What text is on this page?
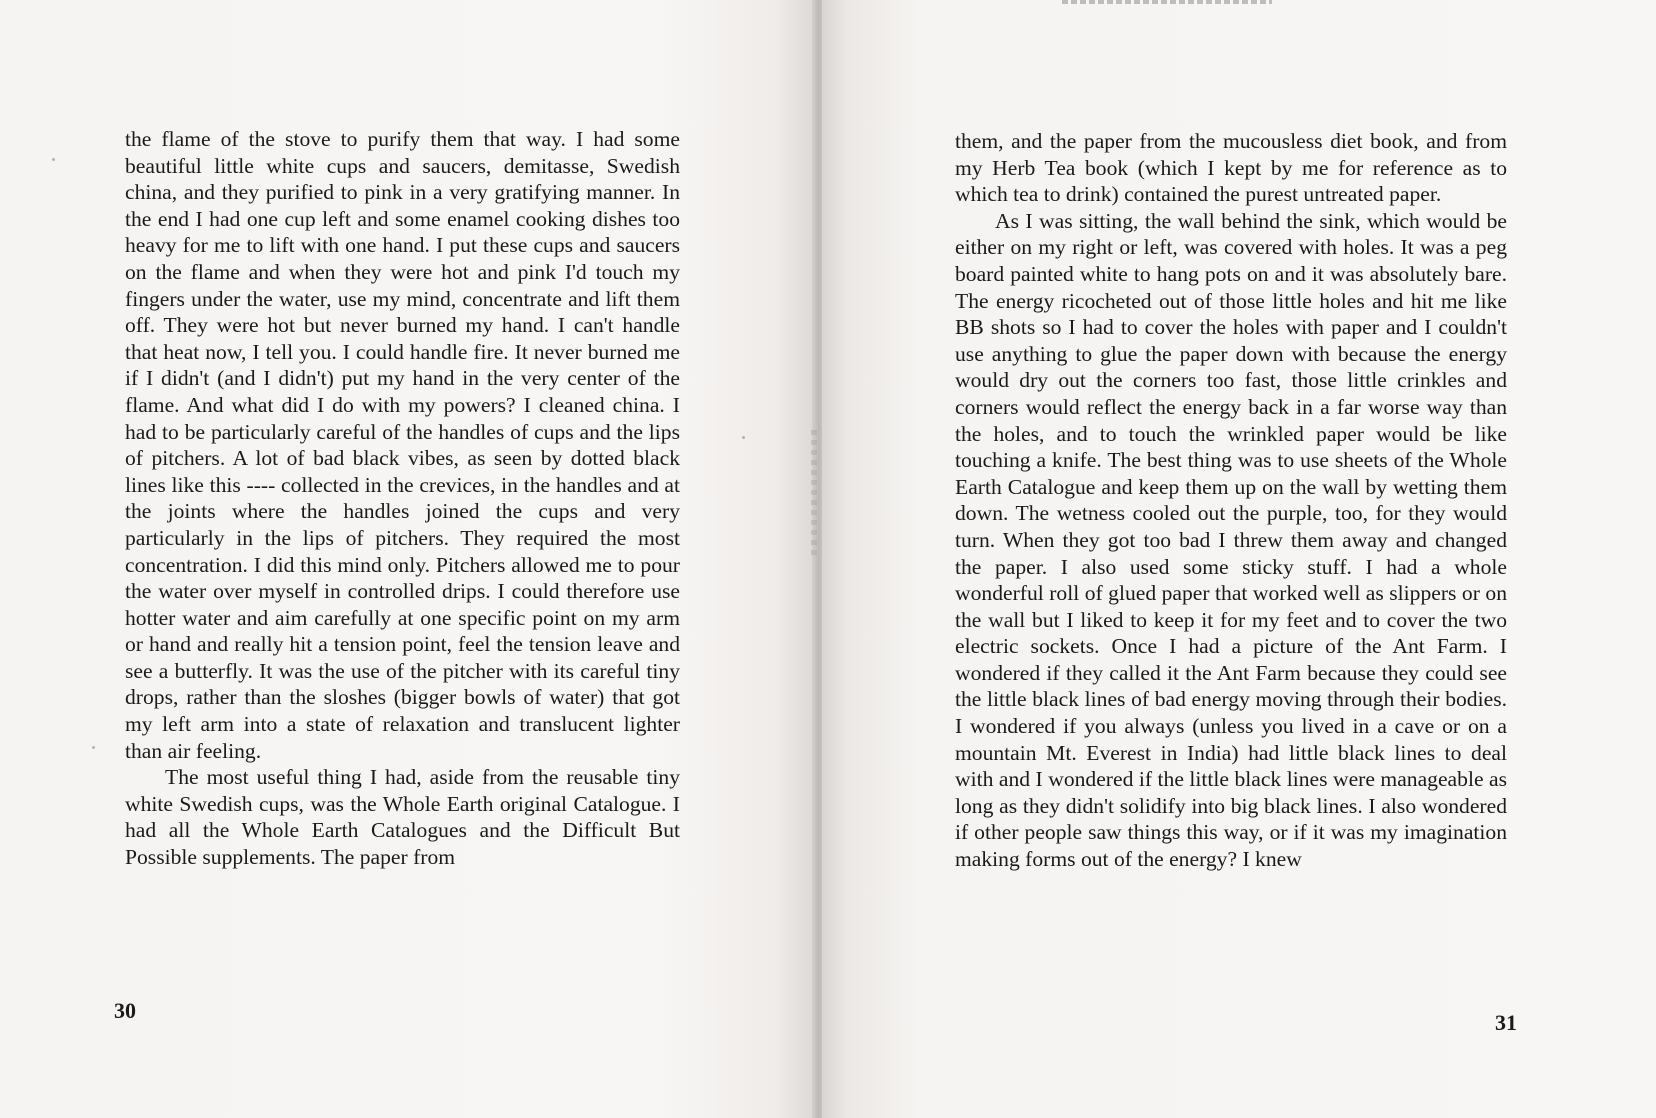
the flame of the stove to purify them that way. I had some beautiful little white cups and saucers, demitasse, Swedish china, and they purified to pink in a very gratifying manner. In the end I had one cup left and some enamel cooking dishes too heavy for me to lift with one hand. I put these cups and saucers on the flame and when they were hot and pink I'd touch my fingers under the water, use my mind, concentrate and lift them off. They were hot but never burned my hand. I can't handle that heat now, I tell you. I could handle fire. It never burned me if I didn't (and I didn't) put my hand in the very center of the flame. And what did I do with my powers? I cleaned china. I had to be particularly careful of the handles of cups and the lips of pitchers. A lot of bad black vibes, as seen by dotted black lines like this ---- collected in the crevices, in the handles and at the joints where the handles joined the cups and very particularly in the lips of pitchers. They required the most concentration. I did this mind only. Pitchers allowed me to pour the water over myself in controlled drips. I could therefore use hotter water and aim carefully at one specific point on my arm or hand and really hit a tension point, feel the tension leave and see a butterfly. It was the use of the pitcher with its careful tiny drops, rather than the sloshes (bigger bowls of water) that got my left arm into a state of relaxation and translucent lighter than air feeling.

The most useful thing I had, aside from the reusable tiny white Swedish cups, was the Whole Earth original Catalogue. I had all the Whole Earth Catalogues and the Difficult But Possible supplements. The paper from

30

them, and the paper from the mucousless diet book, and from my Herb Tea book (which I kept by me for reference as to which tea to drink) contained the purest untreated paper.

As I was sitting, the wall behind the sink, which would be either on my right or left, was covered with holes. It was a peg board painted white to hang pots on and it was absolutely bare. The energy ricocheted out of those little holes and hit me like BB shots so I had to cover the holes with paper and I couldn't use anything to glue the paper down with because the energy would dry out the corners too fast, those little crinkles and corners would reflect the energy back in a far worse way than the holes, and to touch the wrinkled paper would be like touching a knife. The best thing was to use sheets of the Whole Earth Catalogue and keep them up on the wall by wetting them down. The wetness cooled out the purple, too, for they would turn. When they got too bad I threw them away and changed the paper. I also used some sticky stuff. I had a whole wonderful roll of glued paper that worked well as slippers or on the wall but I liked to keep it for my feet and to cover the two electric sockets. Once I had a picture of the Ant Farm. I wondered if they called it the Ant Farm because they could see the little black lines of bad energy moving through their bodies. I wondered if you always (unless you lived in a cave or on a mountain Mt. Everest in India) had little black lines to deal with and I wondered if the little black lines were manageable as long as they didn't solidify into big black lines. I also wondered if other people saw things this way, or if it was my imagination making forms out of the energy? I knew

31
